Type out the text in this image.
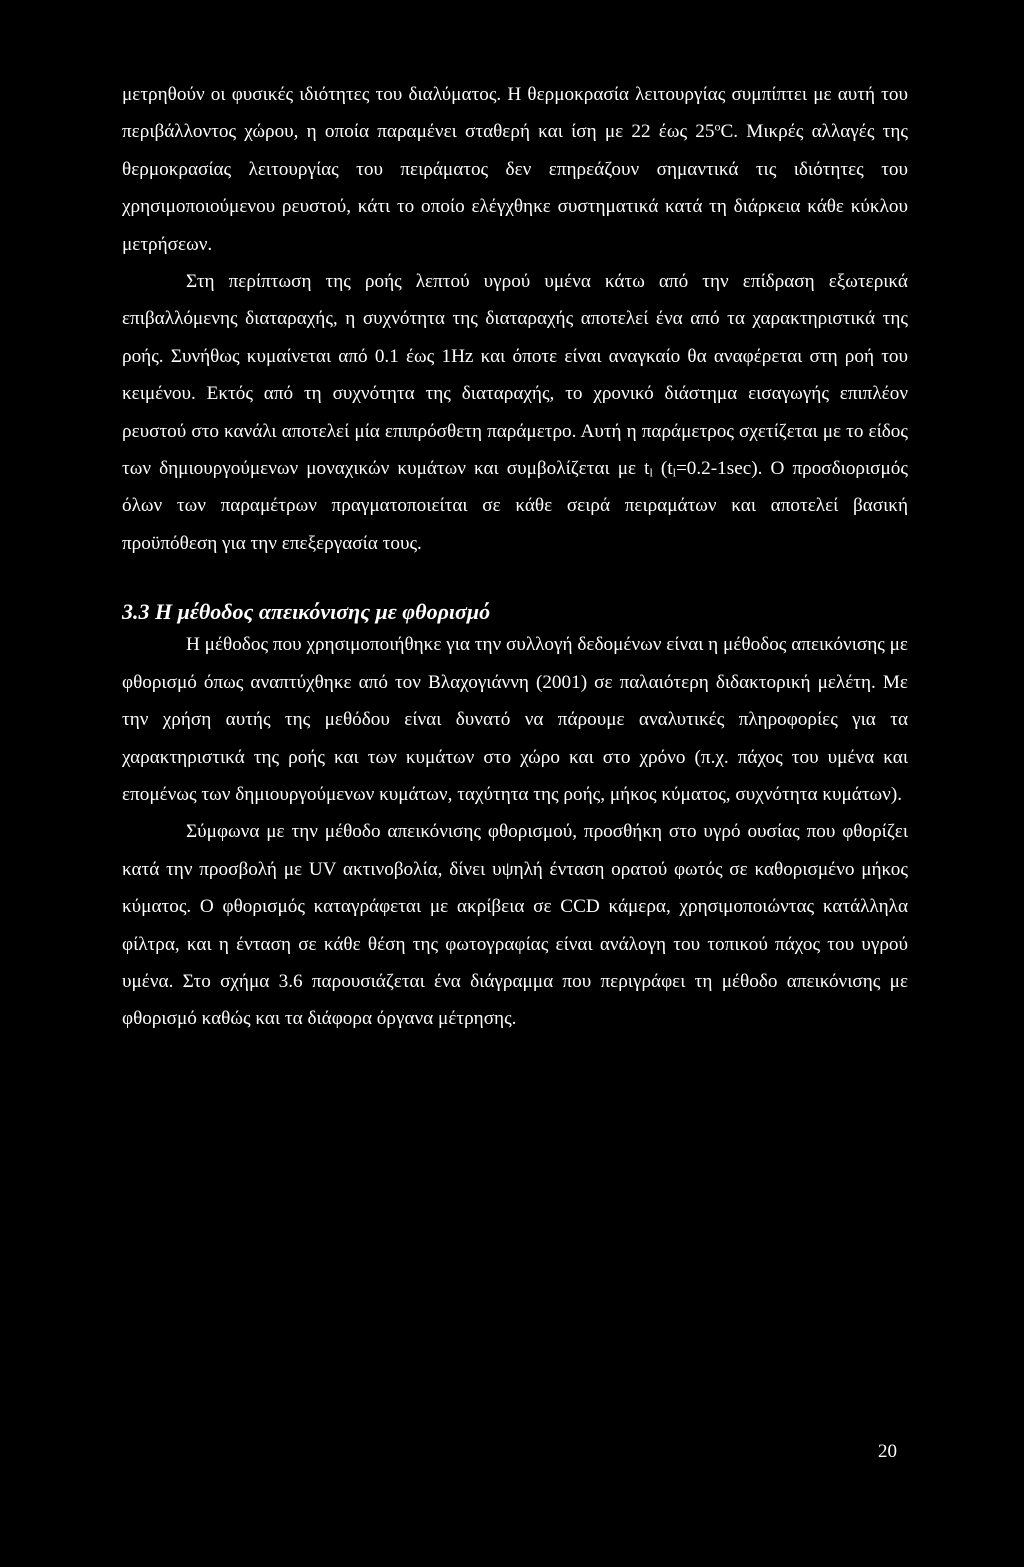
μετρηθούν οι φυσικές ιδιότητες του διαλύματος. Η θερμοκρασία λειτουργίας συμπίπτει με αυτή του περιβάλλοντος χώρου, η οποία παραμένει σταθερή και ίση με 22 έως $25^oC$. Μικρές αλλαγές της θερμοκρασίας λειτουργίας του πειράματος δεν επηρεάζουν σημαντικά τις ιδιότητες του χρησιμοποιούμενου ρευστού, κάτι το οποίο ελέγχθηκε συστηματικά κατά τη διάρκεια κάθε κύκλου μετρήσεων.

Στη περίπτωση της ροής λεπτού υγρού υμένα κάτω από την επίδραση εξωτερικά επιβαλλόμενης διαταραχής, η συχνότητα της διαταραχής αποτελεί ένα από τα χαρακτηριστικά της ροής. Συνήθως κυμαίνεται από 0.1 έως 1Hz και όποτε είναι αναγκαίο θα αναφέρεται στη ροή του κειμένου. Εκτός από τη συχνότητα της διαταραχής, το χρονικό διάστημα εισαγωγής επιπλέον ρευστού στο κανάλι αποτελεί μία επιπρόσθετη παράμετρο. Αυτή η παράμετρος σχετίζεται με το είδος των δημιουργούμενων μοναχικών κυμάτων και συμβολίζεται με $t_l$ $(t_l=0.2-1\sec)$. Ο προσδιορισμός όλων των παραμέτρων πραγματοποιείται σε κάθε σειρά πειραμάτων και αποτελεί βασική προϋπόθεση για την επεξεργασία τους.

3.3 Η μέθοδος απεικόνισης με φθορισμό

Η μέθοδος που χρησιμοποιήθηκε για την συλλογή δεδομένων είναι η μέθοδος απεικόνισης με φθορισμό όπως αναπτύχθηκε από τον Βλαχογιάννη (2001) σε παλαιότερη διδακτορική μελέτη. Με την χρήση αυτής της μεθόδου είναι δυνατό να πάρουμε αναλυτικές πληροφορίες για τα χαρακτηριστικά της ροής και των κυμάτων στο χώρο και στο χρόνο (π.χ. πάχος του υμένα και επομένως των δημιουργούμενων κυμάτων, ταχύτητα της ροής, μήκος κύματος, συχνότητα κυμάτων).

Σύμφωνα με την μέθοδο απεικόνισης φθορισμού, προσθήκη στο υγρό ουσίας που φθορίζει κατά την προσβολή με UV ακτινοβολία, δίνει υψηλή ένταση ορατού φωτός σε καθορισμένο μήκος κύματος. Ο φθορισμός καταγράφεται με ακρίβεια σε CCD κάμερα, χρησιμοποιώντας κατάλληλα φίλτρα, και η ένταση σε κάθε θέση της φωτογραφίας είναι ανάλογη του τοπικού πάχος του υγρού υμένα. Στο σχήμα 3.6 παρουσιάζεται ένα διάγραμμα που περιγράφει τη μέθοδο απεικόνισης με φθορισμό καθώς και τα διάφορα όργανα μέτρησης.

20
